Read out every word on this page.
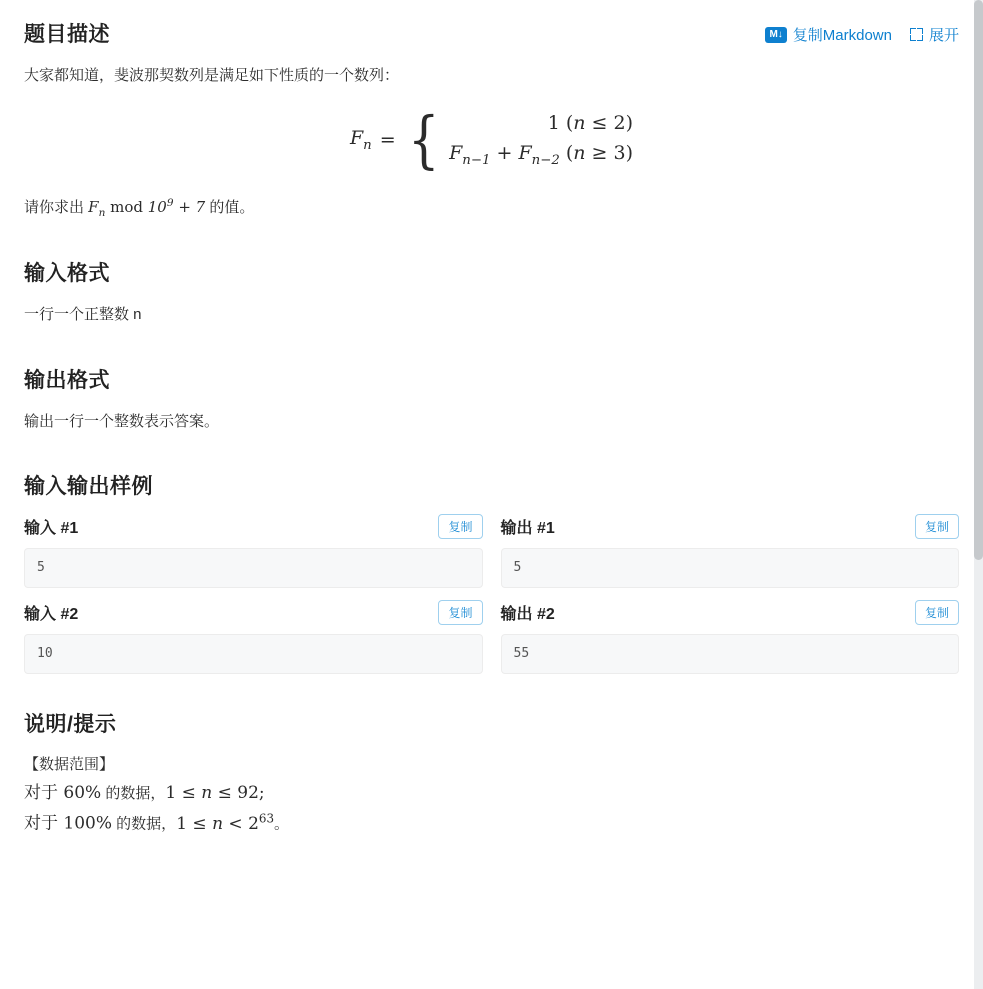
题目描述	M↓ 复制Markdown 展开

大家都知道，斐波那契数列是满足如下性质的一个数列：

$F_n$ = {	1 (n ≤ 2)
$F_{n-1} + F_{n-2}$ (n ≥ 3)

请你求出 $F_n$ mod $10^9 + 7$ 的值。

输入格式

一行一个正整数 n

输出格式

输出一行一个整数表示答案。

输入输出样例
输入 #1	复制
5
输出 #1	复制
5
输入 #2	复制
10
输出 #2	复制
55
说明/提示
【数据范围】
对于 60% 的数据，1 ≤ n ≤ 92;
对于 100% 的数据，$1 \le n < 2^{63}$。
